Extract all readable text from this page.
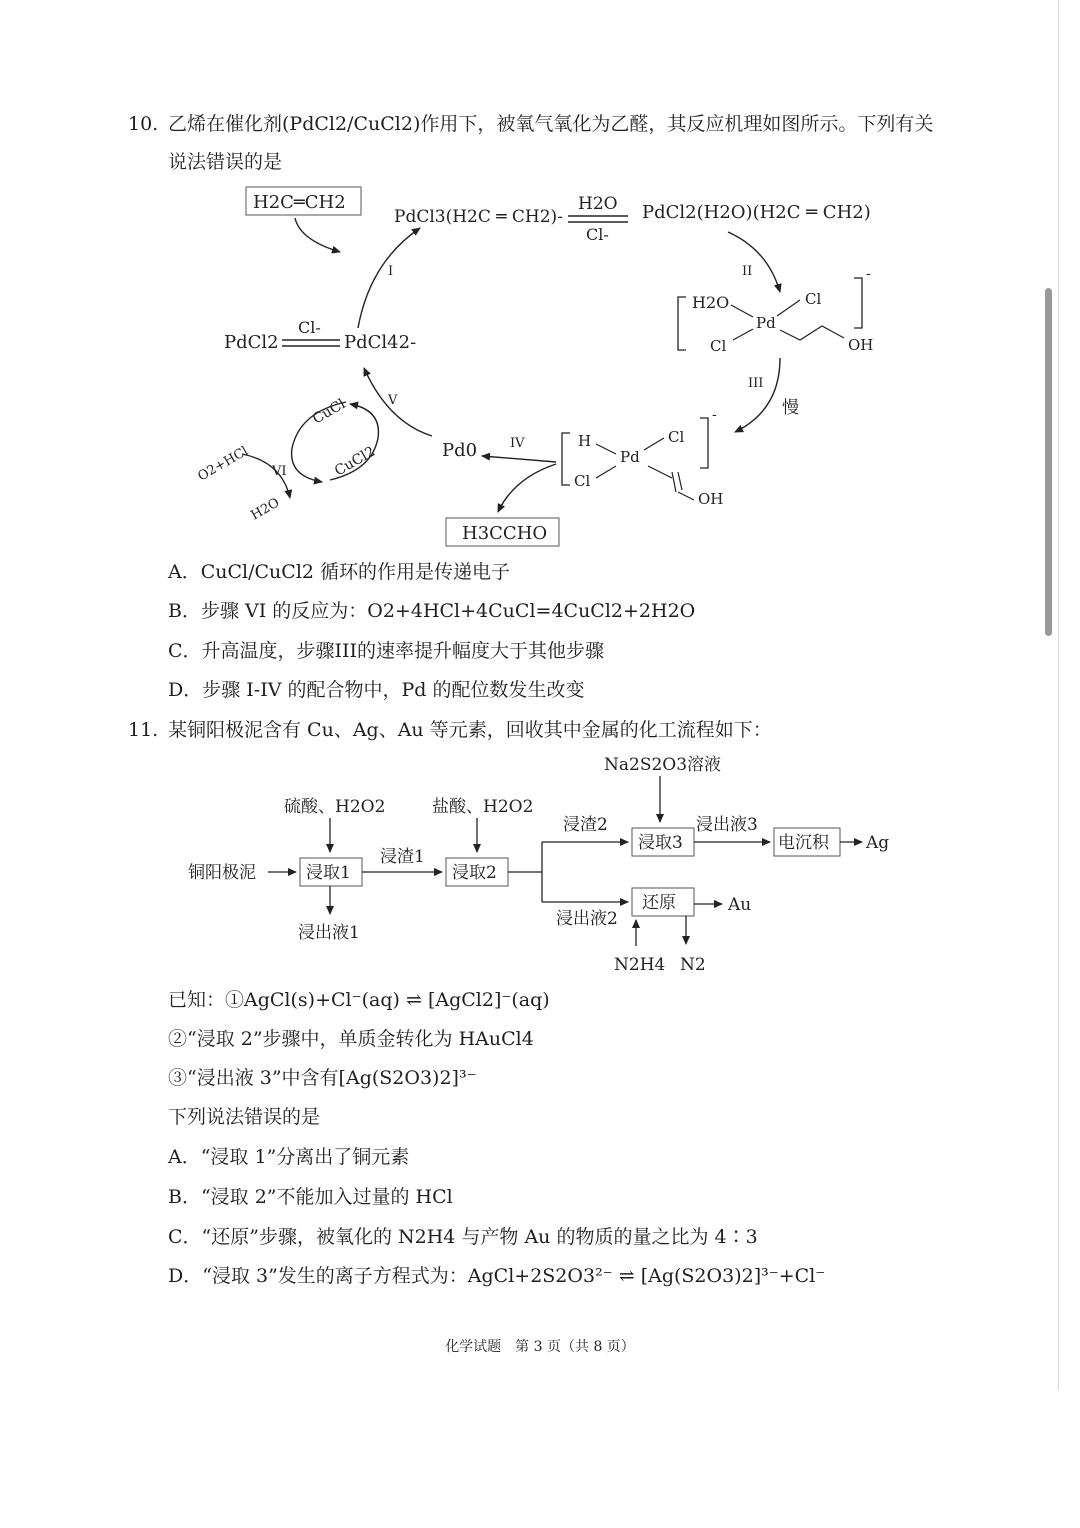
10. 乙烯在催化剂(PdCl2/CuCl2)作用下，被氧气氧化为乙醛，其反应机理如图所示。下列有关
说法错误的是
H2C═CH2
PdCl3(H2C ═ CH2)-
H2O
Cl-
PdCl2(H2O)(H2C ═ CH2)
I	II	-
H2O
Pd
Cl
Cl	OH
III
慢
PdCl2
Cl-
PdCl42-
V
CuCl
CuCl2
O2+HCl VI
H2O
-
H
Pd
Cl
Cl
OH
IV
Pd0
H3CCHO
A．CuCl/CuCl2 循环的作用是传递电子
B．步骤 VI 的反应为：O2+4HCl+4CuCl=4CuCl2+2H2O
C．升高温度，步骤III的速率提升幅度大于其他步骤
D．步骤 I-IV 的配合物中，Pd 的配位数发生改变
11. 某铜阳极泥含有 Cu、Ag、Au 等元素，回收其中金属的化工流程如下：
Na2S2O3溶液
硫酸、H2O2	盐酸、H2O2
铜阳极泥	浸取1
浸出液1
浸渣1
浸取2
浸渣2
浸出液2
浸取3
浸出液3
电沉积 Ag
还原	Au
N2H4 N2
已知：①AgCl(s)+Cl⁻(aq) ⇌ [AgCl2]⁻(aq)
②“浸取 2”步骤中，单质金转化为 HAuCl4
③“浸出液 3”中含有[Ag(S2O3)2]³⁻
下列说法错误的是
A．“浸取 1”分离出了铜元素
B．“浸取 2”不能加入过量的 HCl
C．“还原”步骤，被氧化的 N2H4 与产物 Au 的物质的量之比为 4∶3
D．“浸取 3”发生的离子方程式为：AgCl+2S2O3²⁻ ⇌ [Ag(S2O3)2]³⁻+Cl⁻
化学试题　第 3 页（共 8 页）
